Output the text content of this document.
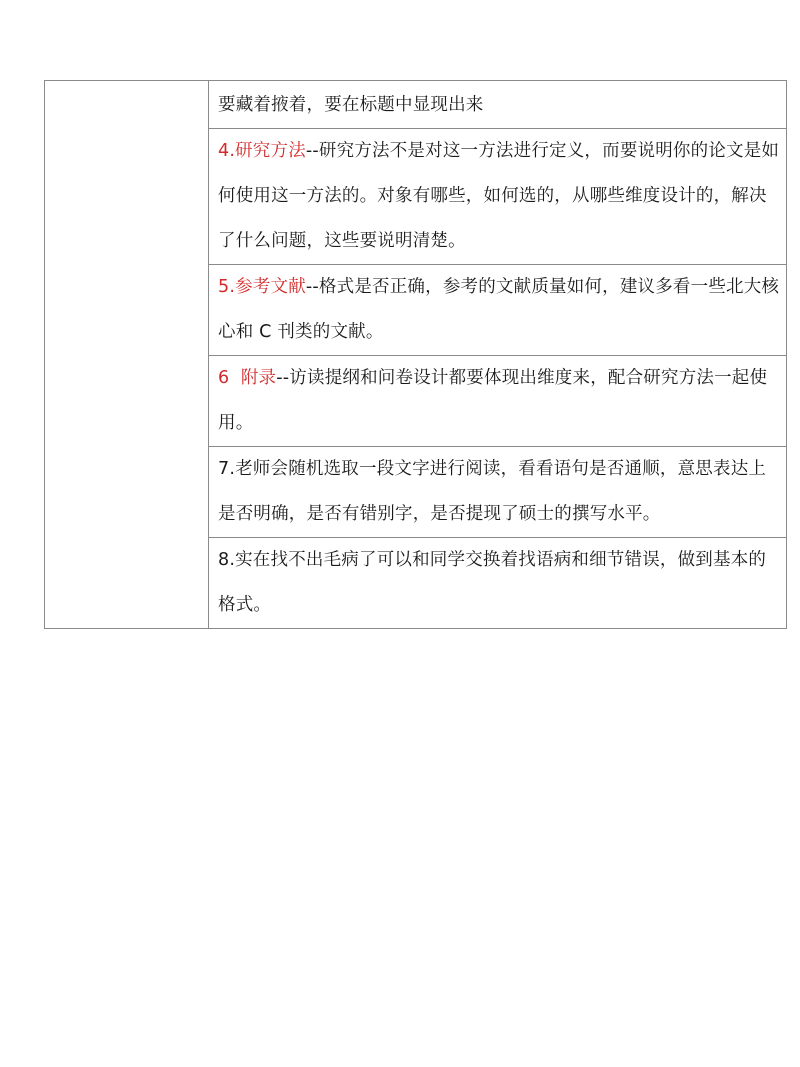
要藏着掖着，要在标题中显现出来

4.研究方法--研究方法不是对这一方法进行定义，而要说明你的论文是如何使用这一方法的。对象有哪些，如何选的，从哪些维度设计的，解决了什么问题，这些要说明清楚。

5.参考文献--格式是否正确，参考的文献质量如何，建议多看一些北大核心和 C 刊类的文献。

6  附录--访读提纲和问卷设计都要体现出维度来，配合研究方法一起使用。

7.老师会随机选取一段文字进行阅读，看看语句是否通顺，意思表达上是否明确，是否有错别字，是否提现了硕士的撰写水平。

8.实在找不出毛病了可以和同学交换着找语病和细节错误，做到基本的格式。
